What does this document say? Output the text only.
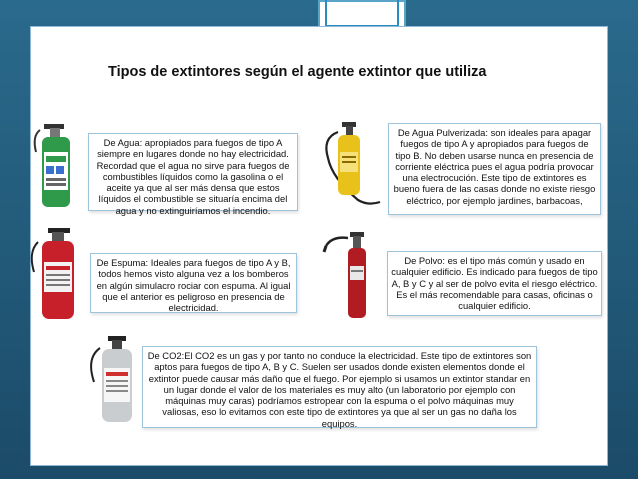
Tipos de extintores según el agente extintor que utiliza
De Agua: apropiados para fuegos de tipo A siempre en lugares donde no hay electricidad. Recordad que el agua no sirve para fuegos de combustibles líquidos como la gasolina o el aceite ya que al ser más densa que estos líquidos el combustible se situaría encima del agua y no extinguiríamos el incendio.
De Agua Pulverizada: son ideales para apagar fuegos de tipo A y apropiados para fuegos de tipo B. No deben usarse nunca en presencia de corriente eléctrica pues el agua podría provocar una electrocución. Este tipo de extintores es bueno fuera de las casas donde no existe riesgo eléctrico, por ejemplo jardines, barbacoas,
De Espuma: Ideales para fuegos de tipo A y B, todos hemos visto alguna vez a los bomberos en algún simulacro rociar con espuma. Al igual que el anterior es peligroso en presencia de electricidad.
De Polvo: es el tipo más común y usado en cualquier edificio. Es indicado para fuegos de tipo A, B y C y al ser de polvo evita el riesgo eléctrico. Es el más recomendable para casas, oficinas o cualquier edificio.
De CO2:El CO2 es un gas y por tanto no conduce la electricidad. Este tipo de extintores son aptos para fuegos de tipo A, B y C. Suelen ser usados donde existen elementos donde el extintor puede causar más daño que el fuego. Por ejemplo si usamos un extintor standar en un lugar donde el valor de los materiales es muy alto (un laboratorio por ejemplo con máquinas muy caras) podríamos estropear con la espuma o el polvo máquinas muy valiosas, eso lo evitamos con este tipo de extintores ya que al ser un gas no daña los equipos.
